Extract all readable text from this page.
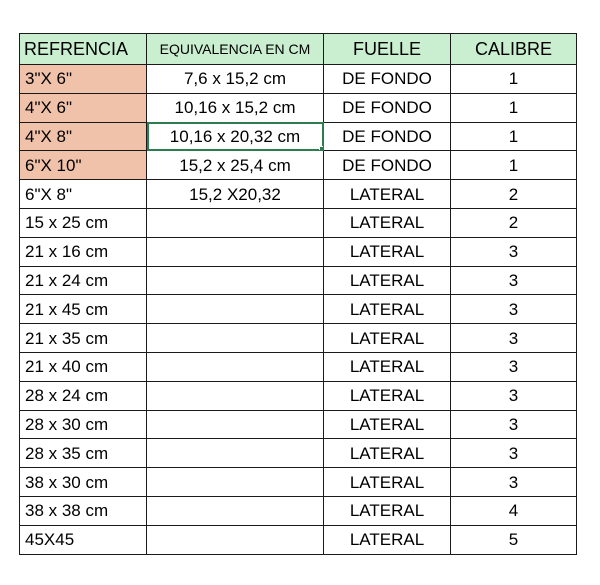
REFRENCIA	EQUIVALENCIA EN CM	FUELLE	CALIBRE
3"X 6"	7,6 x 15,2 cm	DE FONDO	1
4"X 6"	10,16 x 15,2 cm	DE FONDO	1
4"X 8"	10,16 x 20,32 cm	DE FONDO	1
6"X 10"	15,2 x 25,4 cm	DE FONDO	1
6"X 8"	15,2 X20,32	LATERAL	2
15 x 25 cm		LATERAL	2
21 x 16 cm		LATERAL	3
21 x 24 cm		LATERAL	3
21 x 45 cm		LATERAL	3
21 x 35 cm		LATERAL	3
21 x 40 cm		LATERAL	3
28 x 24 cm		LATERAL	3
28 x 30 cm		LATERAL	3
28 x 35 cm		LATERAL	3
38 x 30 cm		LATERAL	3
38 x 38 cm		LATERAL	4
45X45		LATERAL	5
